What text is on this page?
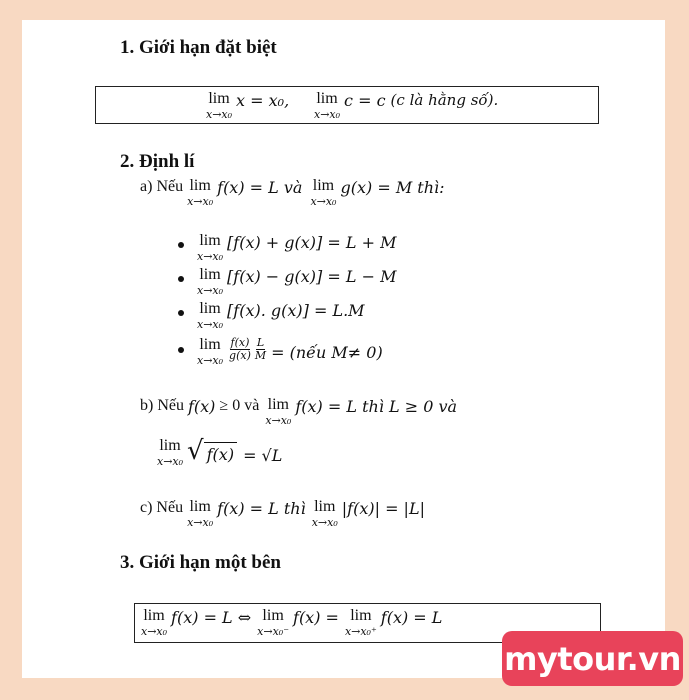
1. Giới hạn đặt biệt
lim
x→x₀
x = x₀, lim
x→x₀
c = c (c là hằng số).
2. Định lí
a) Nếu lim
x→x₀
f(x) = L và lim
x→x₀
g(x) = M thì:
lim
x→x₀
[f(x) + g(x)] = L + M
lim
x→x₀
[f(x) − g(x)] = L − M
lim
x→x₀
[f(x). g(x)] = L.M
lim
$x\to x_0 \frac{f(x)}{g(x)} \frac{L}{M}$ = (nếu M≠ 0)
b) Nếu f(x) ≥ 0 và lim
x→x₀
f(x) = L thì L ≥ 0 và
lim
x→x₀ √ f(x) = √L
c) Nếu lim
x→x₀
f(x) = L thì lim
x→x₀
|f(x)| = |L|
3. Giới hạn một bên
lim
x→x₀
f(x) = L ⇔ lim
x→x₀⁻
f(x) = lim
x→x₀⁺
f(x) = L
mytour.vn
